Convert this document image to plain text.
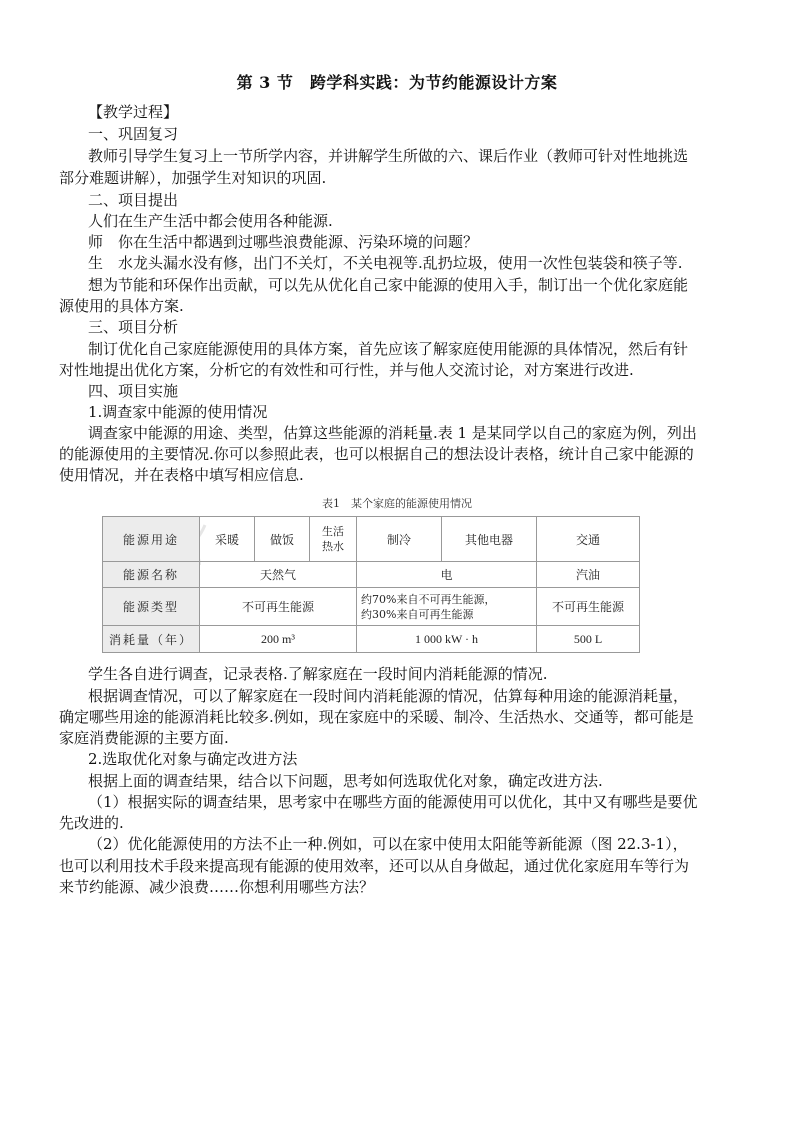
第 3 节　跨学科实践：为节约能源设计方案
【教学过程】
一、巩固复习
教师引导学生复习上一节所学内容，并讲解学生所做的六、课后作业（教师可针对性地挑选
部分难题讲解），加强学生对知识的巩固.
二、项目提出
人们在生产生活中都会使用各种能源.
师　你在生活中都遇到过哪些浪费能源、污染环境的问题？
生　水龙头漏水没有修，出门不关灯，不关电视等.乱扔垃圾，使用一次性包装袋和筷子等.
想为节能和环保作出贡献，可以先从优化自己家中能源的使用入手，制订出一个优化家庭能
源使用的具体方案.
三、项目分析
制订优化自己家庭能源使用的具体方案，首先应该了解家庭使用能源的具体情况，然后有针
对性地提出优化方案，分析它的有效性和可行性，并与他人交流讨论，对方案进行改进.
四、项目实施
1.调查家中能源的使用情况
调查家中能源的用途、类型，估算这些能源的消耗量.表 1 是某同学以自己的家庭为例，列出
的能源使用的主要情况.你可以参照此表，也可以根据自己的想法设计表格，统计自己家中能源的
使用情况，并在表格中填写相应信息.
表1　某个家庭的能源使用情况
能源用途	采暖	做饭	生活热水	制冷	其他电器	交通
能源名称	天然气			电		汽油
能源类型	不可再生能源			约70%来自不可再生能源，
约30%来自可再生能源		不可再生能源
消耗量（年）	200 m³			1 000 kW · h		500 L
学生各自进行调查，记录表格.了解家庭在一段时间内消耗能源的情况.
根据调查情况，可以了解家庭在一段时间内消耗能源的情况，估算每种用途的能源消耗量，
确定哪些用途的能源消耗比较多.例如，现在家庭中的采暖、制冷、生活热水、交通等，都可能是
家庭消费能源的主要方面.
2.选取优化对象与确定改进方法
根据上面的调查结果，结合以下问题，思考如何选取优化对象，确定改进方法.
（1）根据实际的调查结果，思考家中在哪些方面的能源使用可以优化，其中又有哪些是要优
先改进的.
（2）优化能源使用的方法不止一种.例如，可以在家中使用太阳能等新能源（图 22.3-1），
也可以利用技术手段来提高现有能源的使用效率，还可以从自身做起，通过优化家庭用车等行为
来节约能源、减少浪费……你想利用哪些方法？
